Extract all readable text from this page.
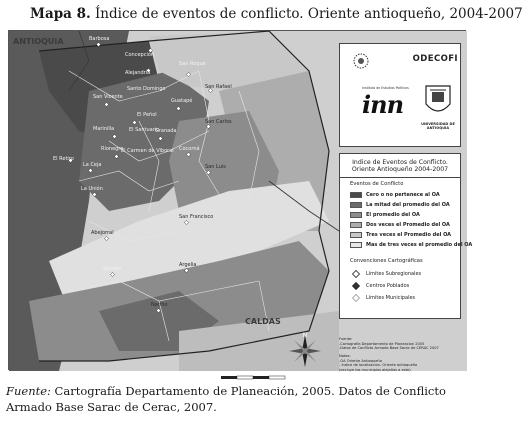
Mapa 8. Índice de eventos de conflicto. Oriente antioqueño, 2004-2007
Barbosa
Concepción
Alejandría
San Roque
Santo Domingo
San Vicente
Guatapé
El Peñol
San Rafael
Marinilla	El Santuario
Granada
Rionegro
San Carlos
El Carmen de Viboral Cocorná
El Retiro
La Ceja	San Luis
La Unión
San Francisco
Abejorral
Sonsón
Argelia
Nariño
ANTIOQUIA
CALDAS
ODECOFI
Instituto de Estudios Políticos
inn
UNIVERSIDAD DE ANTIOQUIA
Indice de Eventos de Conflicto.
Oriente Antioqueño 2004-2007
Eventos de Conflicto
Cero o no pertenece al OA
La mitad del promedio del OA
El promedio del OA
Dos veces el Promedio del OA
Tres veces el Promedio del OA
Mas de tres veces el promedio del OA
Convenciones Cartográficas
Límites Subregionales
Centros Poblados
Límites Municipales
Fuente:
-Cartografía Departamento de Planeacion 2005
-Datos de Conflicto Armado Base Sarac de CERAC 2007
Notas:
-OA Oriente Antioqueño
- Indice de localizacion- Oriente antioqueño
(excluye los municipios alejaños a este)
N
Fuente: Cartografía Departamento de Planeación, 2005. Datos de Conflicto Armado Base Sarac de Cerac, 2007.
